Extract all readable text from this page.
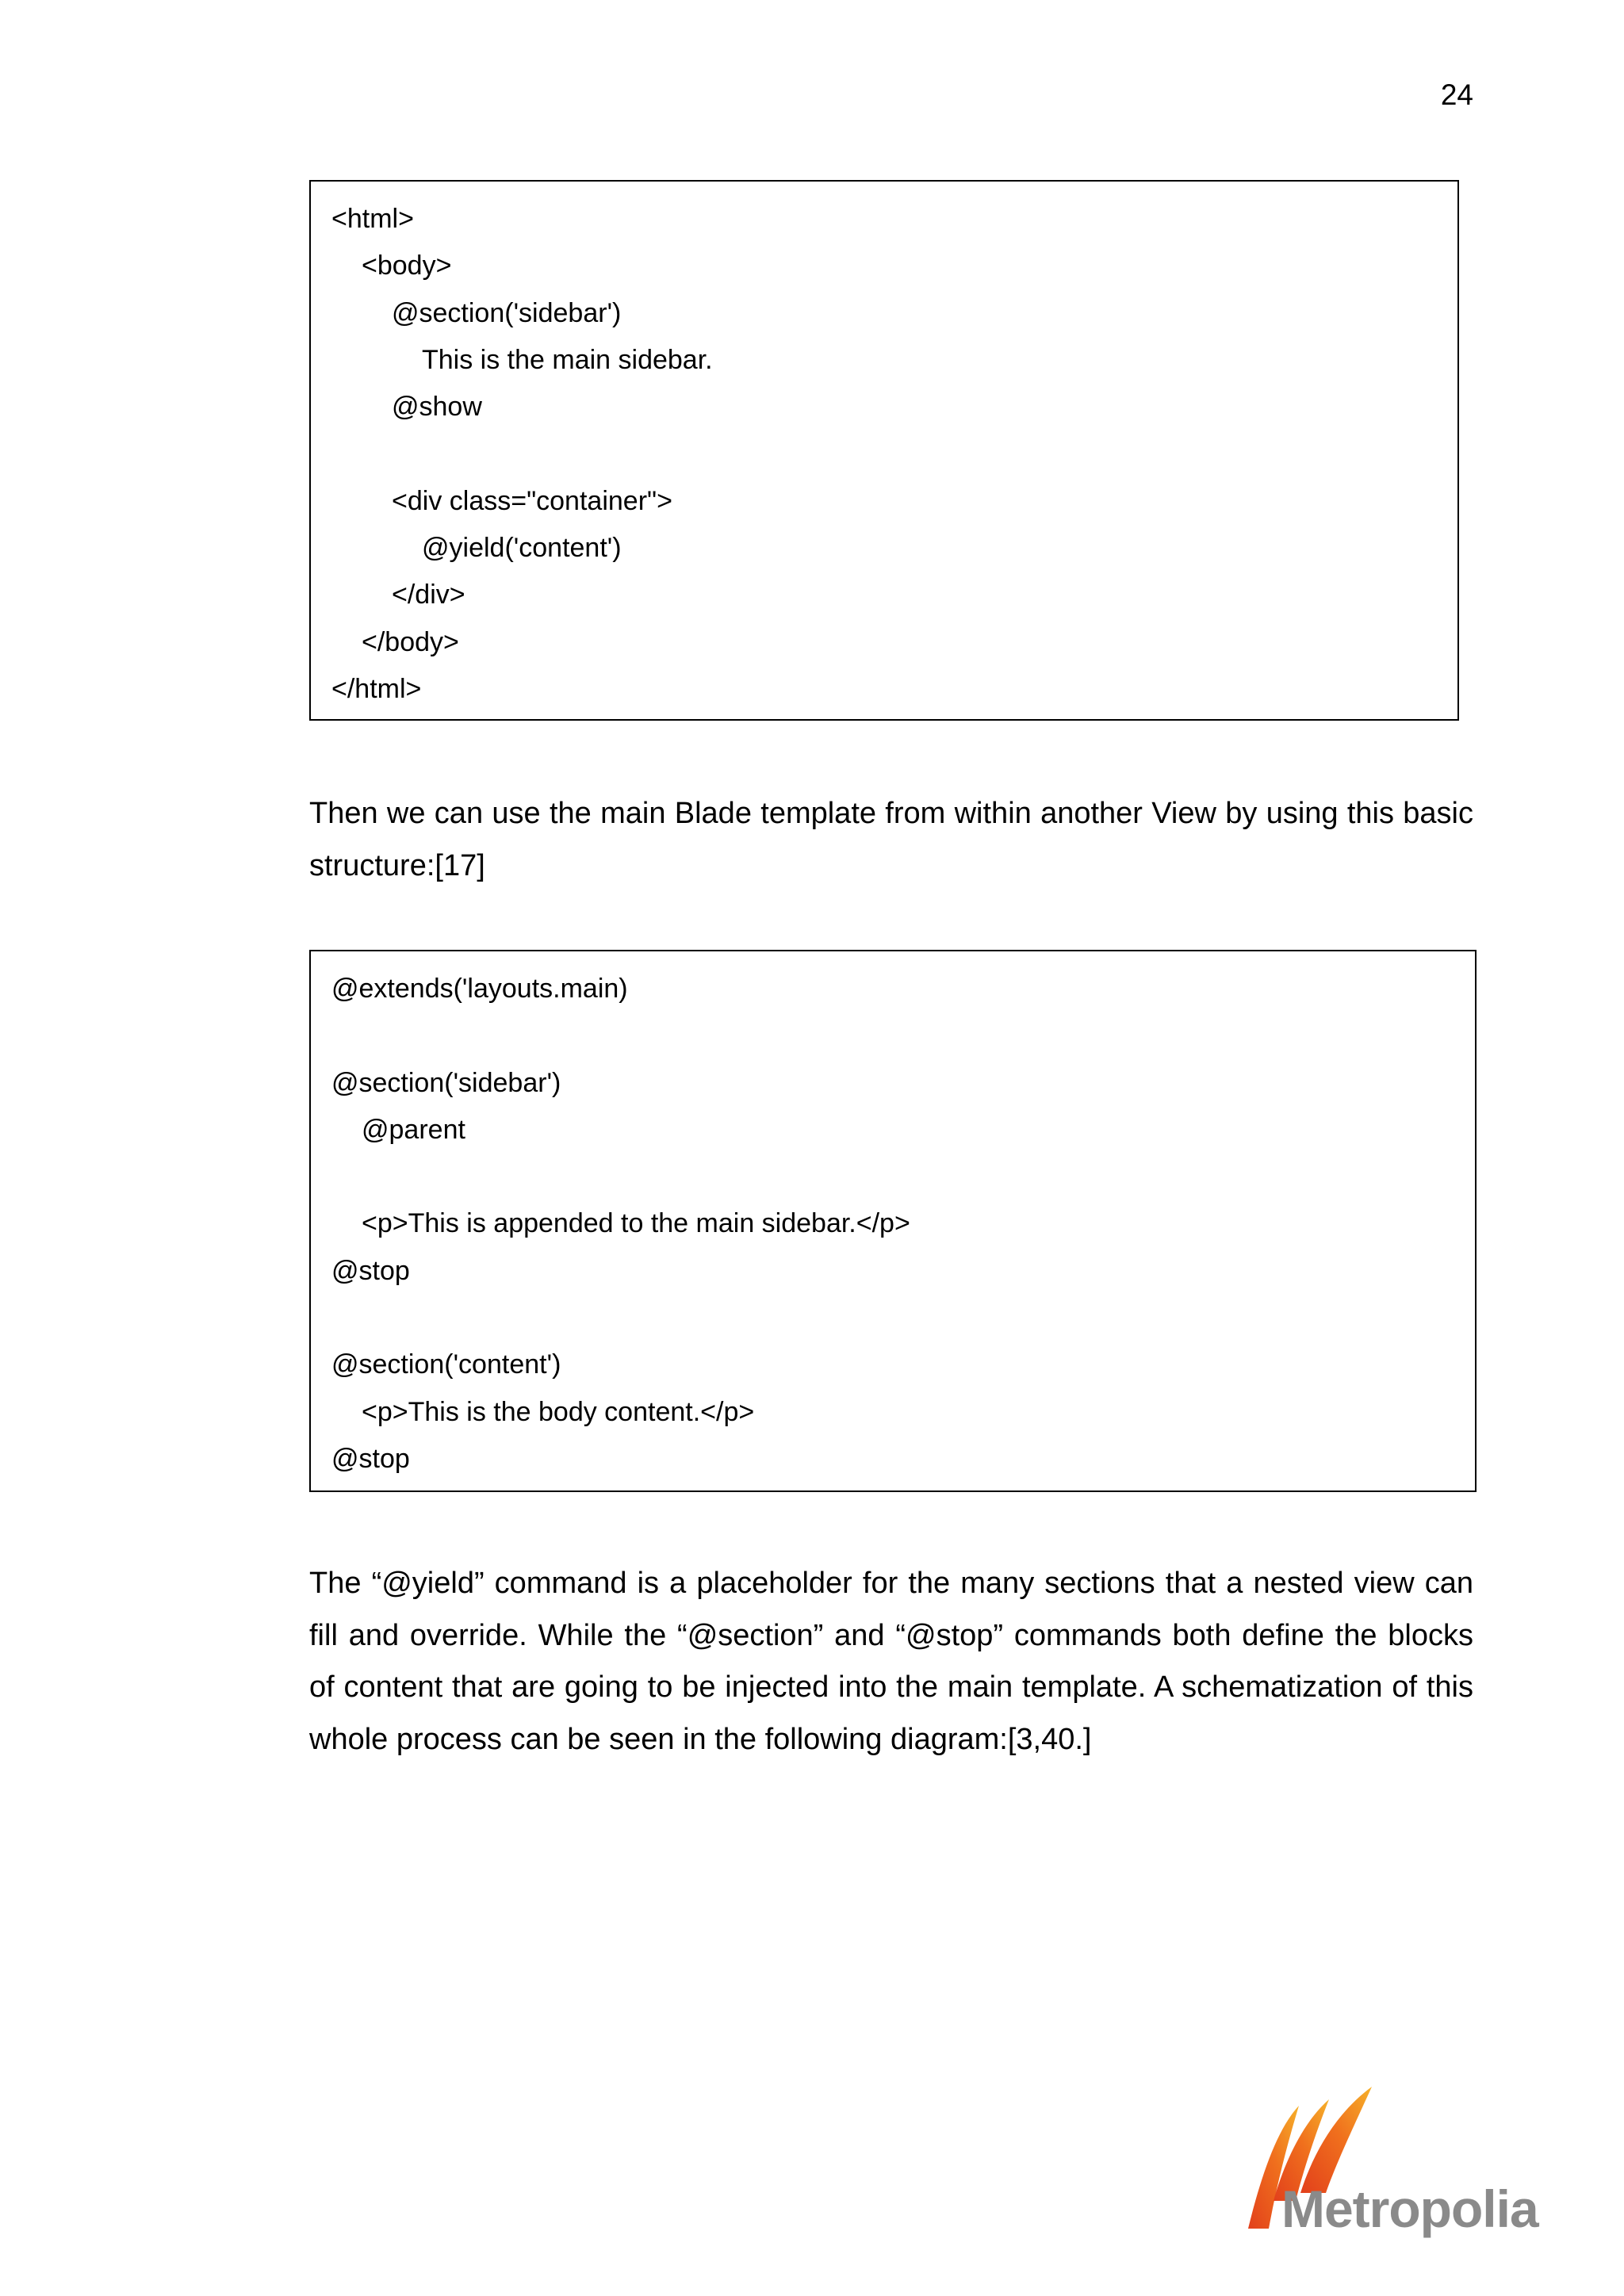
24
<html>
<body>
@section('sidebar')
This is the main sidebar.
@show
<div class="container">
@yield('content')
</div>
</body>
</html>
Then we can use the main Blade template from within another View by using this basic structure:[17]
@extends('layouts.main)
@section('sidebar')
@parent
<p>This is appended to the main sidebar.</p>
@stop
@section('content')
<p>This is the body content.</p>
@stop
The “@yield” command is a placeholder for the many sections that a nested view can fill and override. While the “@section” and “@stop” commands both define the blocks of content that are going to be injected into the main template. A schematization of this whole process can be seen in the following diagram:[3,40.]
Metropolia
